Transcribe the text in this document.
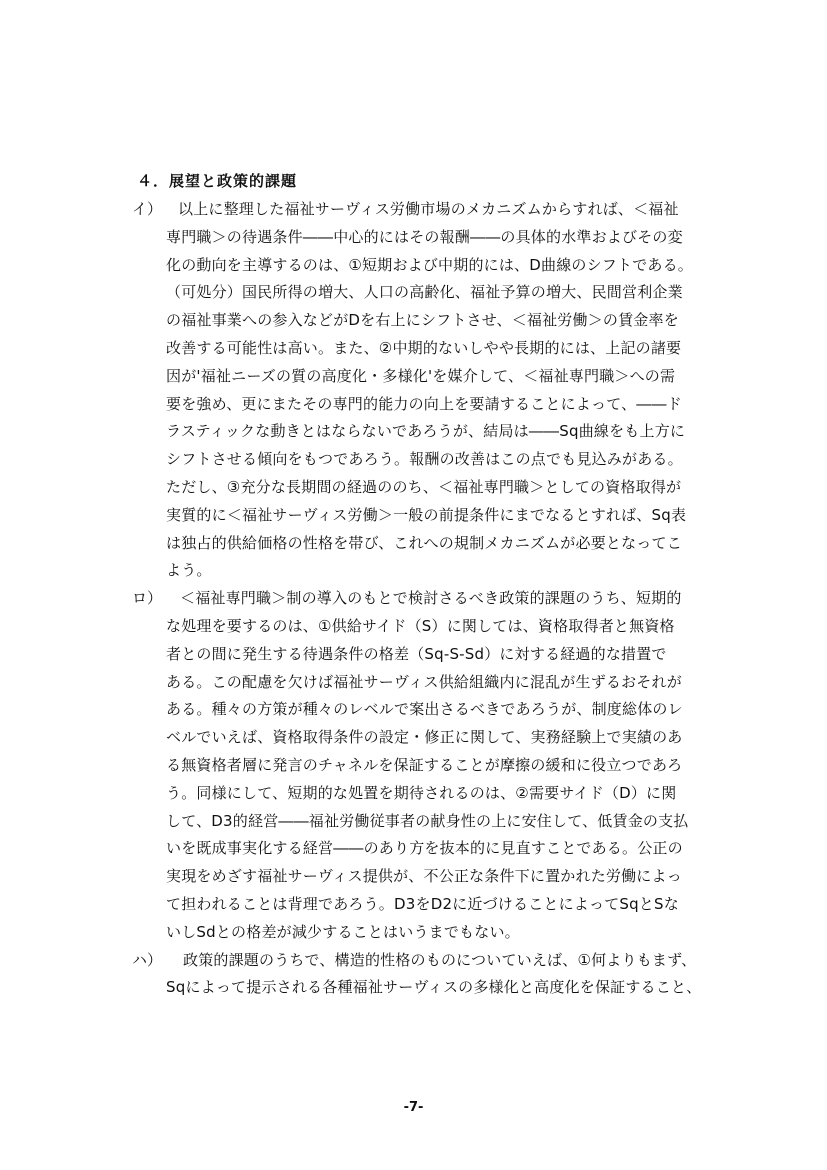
４．展望と政策的課題
イ） 以上に整理した福祉サーヴィス労働市場のメカニズムからすれば、＜福祉
専門職＞の待遇条件――中心的にはその報酬――の具体的水準およびその変
化の動向を主導するのは、①短期および中期的には、D曲線のシフトである。
（可処分）国民所得の増大、人口の高齢化、福祉予算の増大、民間営利企業
の福祉事業への参入などがDを右上にシフトさせ、＜福祉労働＞の賃金率を
改善する可能性は高い。また、②中期的ないしやや長期的には、上記の諸要
因が'福祉ニーズの質の高度化・多様化'を媒介して、＜福祉専門職＞への需
要を強め、更にまたその専門的能力の向上を要請することによって、――ド
ラスティックな動きとはならないであろうが、結局は――Sq曲線をも上方に
シフトさせる傾向をもつであろう。報酬の改善はこの点でも見込みがある。
ただし、③充分な長期間の経過ののち、＜福祉専門職＞としての資格取得が
実質的に＜福祉サーヴィス労働＞一般の前提条件にまでなるとすれば、Sq表
は独占的供給価格の性格を帯び、これへの規制メカニズムが必要となってこ
よう。
ロ） ＜福祉専門職＞制の導入のもとで検討さるべき政策的課題のうち、短期的
な処理を要するのは、①供給サイド（S）に関しては、資格取得者と無資格
者との間に発生する待遇条件の格差（Sq-S-Sd）に対する経過的な措置で
ある。この配慮を欠けば福祉サーヴィス供給組織内に混乱が生ずるおそれが
ある。種々の方策が種々のレベルで案出さるべきであろうが、制度総体のレ
ベルでいえば、資格取得条件の設定・修正に関して、実務経験上で実績のあ
る無資格者層に発言のチャネルを保証することが摩擦の緩和に役立つであろ
う。同様にして、短期的な処置を期待されるのは、②需要サイド（D）に関
して、D3的経営――福祉労働従事者の献身性の上に安住して、低賃金の支払
いを既成事実化する経営――のあり方を抜本的に見直すことである。公正の
実現をめざす福祉サーヴィス提供が、不公正な条件下に置かれた労働によっ
て担われることは背理であろう。D3をD2に近づけることによってSqとSな
いしSdとの格差が減少することはいうまでもない。
ハ） 政策的課題のうちで、構造的性格のものについていえば、①何よりもまず、
Sqによって提示される各種福祉サーヴィスの多様化と高度化を保証すること、
-7-
